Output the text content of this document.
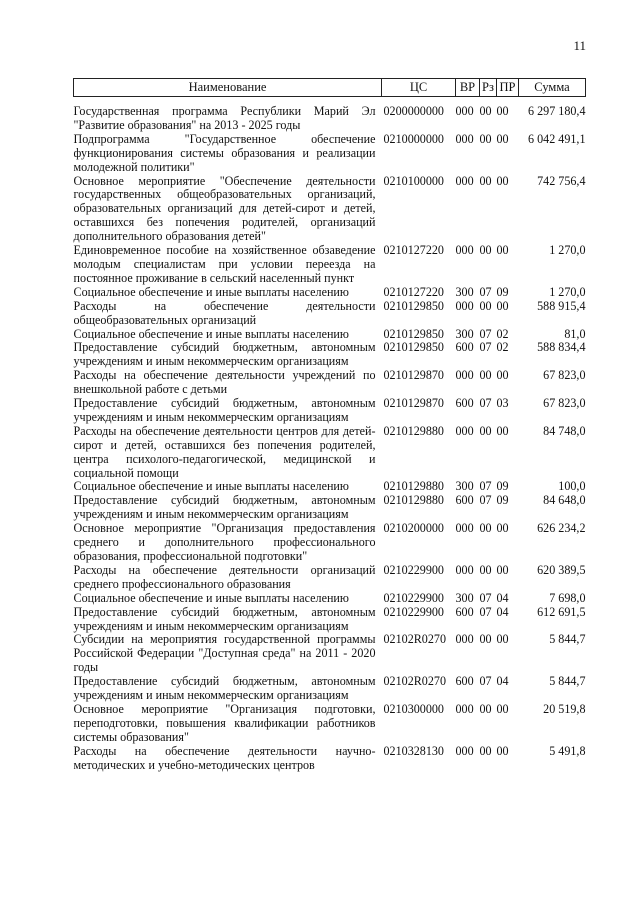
11
Наименование	ЦС	ВР	Рз	ПР	Сумма
Государственная программа Республики Марий Эл "Развитие образования" на 2013 - 2025 годы	0200000000	000	00	00	6 297 180,4
Подпрограмма "Государственное обеспечение функционирования системы образования и реализации молодежной политики"	0210000000	000	00	00	6 042 491,1
Основное мероприятие "Обеспечение деятельности государственных общеобразовательных организаций, образовательных организаций для детей-сирот и детей, оставшихся без попечения родителей, организаций дополнительного образования детей"	0210100000	000	00	00	742 756,4
Единовременное пособие на хозяйственное обзаведение молодым специалистам при условии переезда на постоянное проживание в сельский населенный пункт	0210127220	000	00	00	1 270,0
Социальное обеспечение и иные выплаты населению	0210127220	300	07	09	1 270,0
Расходы на обеспечение деятельности общеобразовательных организаций	0210129850	000	00	00	588 915,4
Социальное обеспечение и иные выплаты населению	0210129850	300	07	02	81,0
Предоставление субсидий бюджетным, автономным учреждениям и иным некоммерческим организациям	0210129850	600	07	02	588 834,4
Расходы на обеспечение деятельности учреждений по внешкольной работе с детьми	0210129870	000	00	00	67 823,0
Предоставление субсидий бюджетным, автономным учреждениям и иным некоммерческим организациям	0210129870	600	07	03	67 823,0
Расходы на обеспечение деятельности центров для детей-сирот и детей, оставшихся без попечения родителей, центра психолого-педагогической, медицинской и социальной помощи	0210129880	000	00	00	84 748,0
Социальное обеспечение и иные выплаты населению	0210129880	300	07	09	100,0
Предоставление субсидий бюджетным, автономным учреждениям и иным некоммерческим организациям	0210129880	600	07	09	84 648,0
Основное мероприятие "Организация предоставления среднего и дополнительного профессионального образования, профессиональной подготовки"	0210200000	000	00	00	626 234,2
Расходы на обеспечение деятельности организаций среднего профессионального образования	0210229900	000	00	00	620 389,5
Социальное обеспечение и иные выплаты населению	0210229900	300	07	04	7 698,0
Предоставление субсидий бюджетным, автономным учреждениям и иным некоммерческим организациям	0210229900	600	07	04	612 691,5
Субсидии на мероприятия государственной программы Российской Федерации "Доступная среда" на 2011 - 2020 годы	02102R0270	000	00	00	5 844,7
Предоставление субсидий бюджетным, автономным учреждениям и иным некоммерческим организациям	02102R0270	600	07	04	5 844,7
Основное мероприятие "Организация подготовки, переподготовки, повышения квалификации работников системы образования"	0210300000	000	00	00	20 519,8
Расходы на обеспечение деятельности научно-методических и учебно-методических центров	0210328130	000	00	00	5 491,8
